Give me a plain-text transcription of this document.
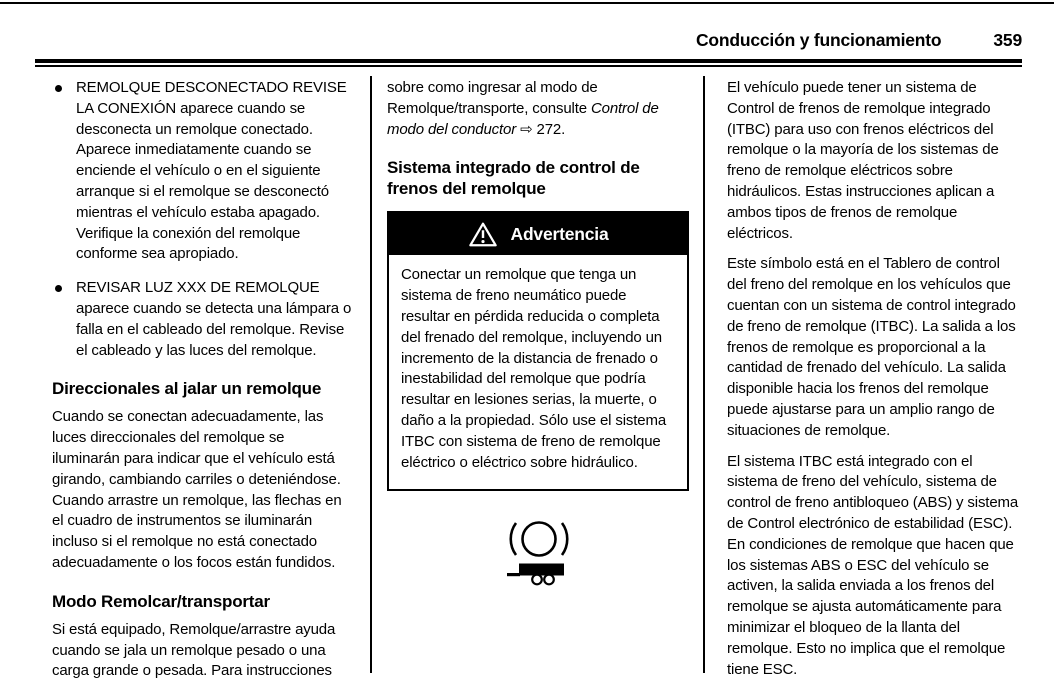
Conducción y funcionamiento	359
REMOLQUE DESCONECTADO REVISE LA CONEXIÓN aparece cuando se desconecta un remolque conectado. Aparece inmediatamente cuando se enciende el vehículo o en el siguiente arranque si el remolque se desconectó mientras el vehículo estaba apagado. Verifique la conexión del remolque conforme sea apropiado.
REVISAR LUZ XXX DE REMOLQUE aparece cuando se detecta una lámpara o falla en el cableado del remolque. Revise el cableado y las luces del remolque.
Direccionales al jalar un remolque

Cuando se conectan adecuadamente, las luces direccionales del remolque se iluminarán para indicar que el vehículo está girando, cambiando carriles o deteniéndose. Cuando arrastre un remolque, las flechas en el cuadro de instrumentos se iluminarán incluso si el remolque no está conectado adecuadamente o los focos están fundidos.

Modo Remolcar/transportar

Si está equipado, Remolque/arrastre ayuda cuando se jala un remolque pesado o una carga grande o pesada. Para instrucciones

sobre como ingresar al modo de Remolque/transporte, consulte Control de modo del conductor ⇨ 272.

Sistema integrado de control de frenos del remolque
Advertencia
Conectar un remolque que tenga un sistema de freno neumático puede resultar en pérdida reducida o completa del frenado del remolque, incluyendo un incremento de la distancia de frenado o inestabilidad del remolque que podría resultar en lesiones serias, la muerte, o daño a la propiedad. Sólo use el sistema ITBC con sistema de freno de remolque eléctrico o eléctrico sobre hidráulico.

El vehículo puede tener un sistema de Control de frenos de remolque integrado (ITBC) para uso con frenos eléctricos del remolque o la mayoría de los sistemas de freno de remolque eléctricos sobre hidráulicos. Estas instrucciones aplican a ambos tipos de frenos de remolque eléctricos.

Este símbolo está en el Tablero de control del freno del remolque en los vehículos que cuentan con un sistema de control integrado de freno de remolque (ITBC). La salida a los frenos de remolque es proporcional a la cantidad de frenado del vehículo. La salida disponible hacia los frenos del remolque puede ajustarse para un amplio rango de situaciones de remolque.

El sistema ITBC está integrado con el sistema de freno del vehículo, sistema de control de freno antibloqueo (ABS) y sistema de Control electrónico de estabilidad (ESC). En condiciones de remolque que hacen que los sistemas ABS o ESC del vehículo se activen, la salida enviada a los frenos del remolque se ajusta automáticamente para minimizar el bloqueo de la llanta del remolque. Esto no implica que el remolque tiene ESC.
